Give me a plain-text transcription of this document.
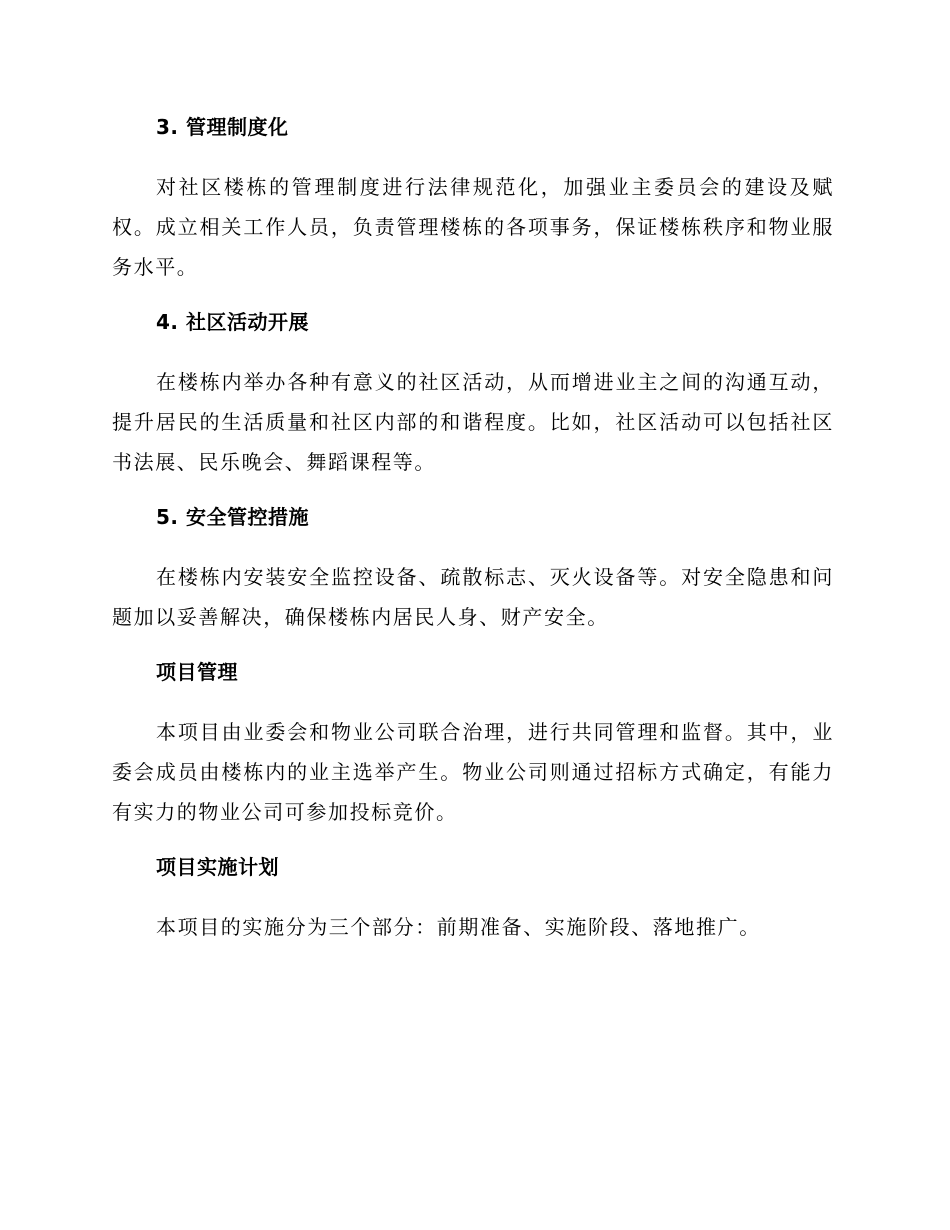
3. 管理制度化

对社区楼栋的管理制度进行法律规范化，加强业主委员会的建设及赋权。成立相关工作人员，负责管理楼栋的各项事务，保证楼栋秩序和物业服务水平。

4. 社区活动开展

在楼栋内举办各种有意义的社区活动，从而增进业主之间的沟通互动，提升居民的生活质量和社区内部的和谐程度。比如，社区活动可以包括社区书法展、民乐晚会、舞蹈课程等。

5. 安全管控措施

在楼栋内安装安全监控设备、疏散标志、灭火设备等。对安全隐患和问题加以妥善解决，确保楼栋内居民人身、财产安全。

项目管理

本项目由业委会和物业公司联合治理，进行共同管理和监督。其中，业委会成员由楼栋内的业主选举产生。物业公司则通过招标方式确定，有能力有实力的物业公司可参加投标竞价。

项目实施计划

本项目的实施分为三个部分：前期准备、实施阶段、落地推广。
